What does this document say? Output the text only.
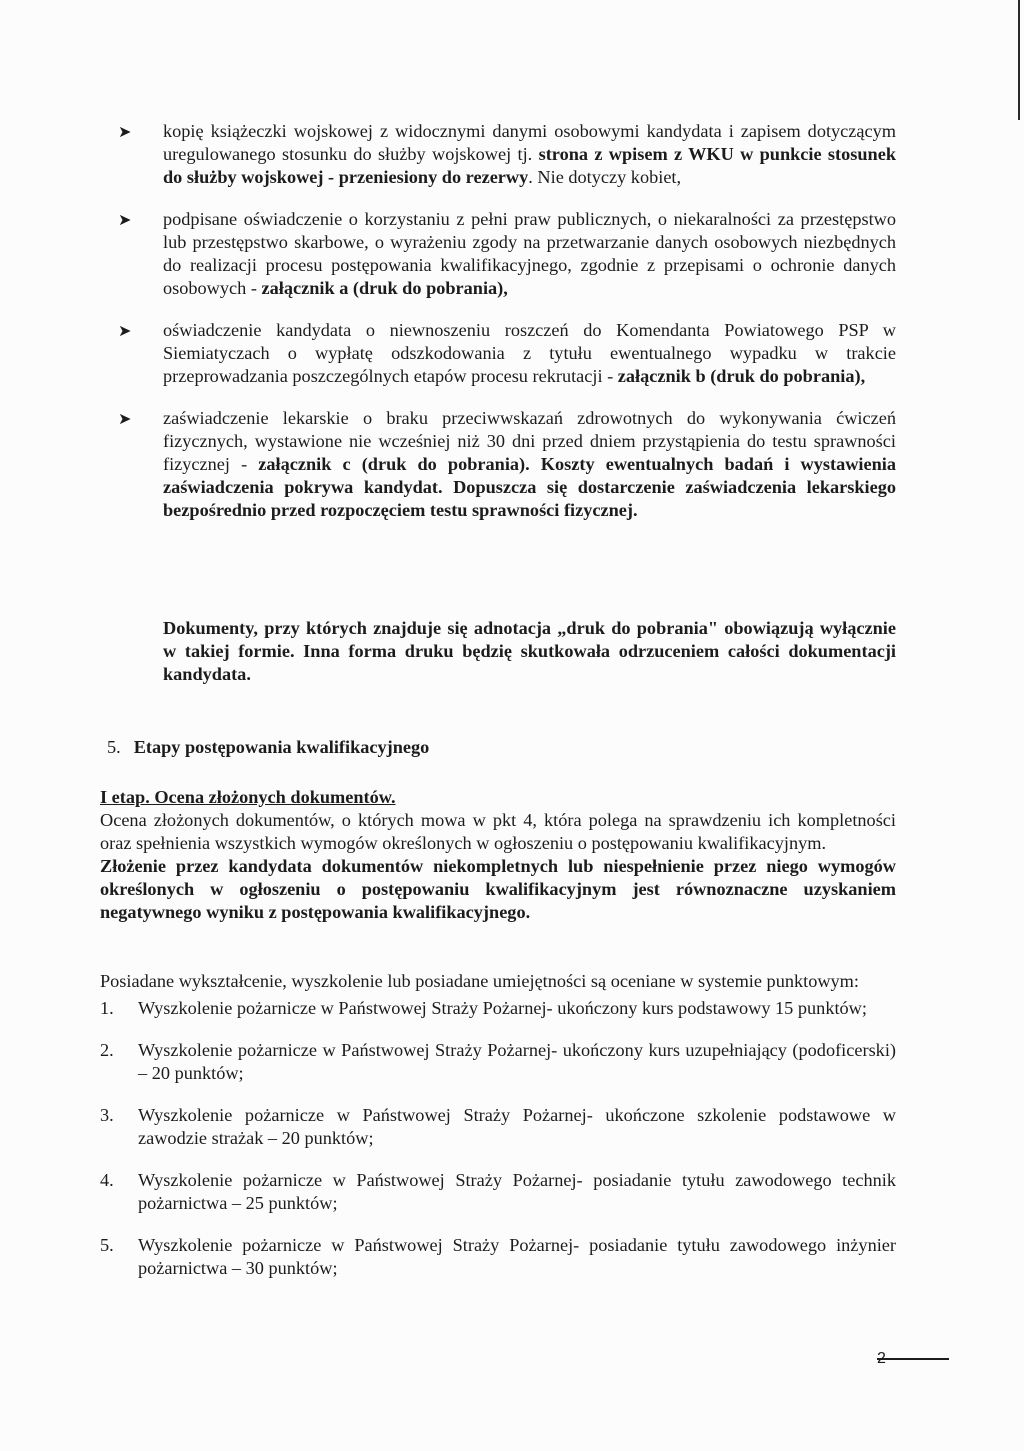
➤ kopię książeczki wojskowej z widocznymi danymi osobowymi kandydata i zapisem dotyczącym uregulowanego stosunku do służby wojskowej tj. strona z wpisem z WKU w punkcie stosunek do służby wojskowej - przeniesiony do rezerwy. Nie dotyczy kobiet,
➤ podpisane oświadczenie o korzystaniu z pełni praw publicznych, o niekaralności za przestępstwo lub przestępstwo skarbowe, o wyrażeniu zgody na przetwarzanie danych osobowych niezbędnych do realizacji procesu postępowania kwalifikacyjnego, zgodnie z przepisami o ochronie danych osobowych - załącznik a (druk do pobrania),
➤ oświadczenie kandydata o niewnoszeniu roszczeń do Komendanta Powiatowego PSP w Siemiatyczach o wypłatę odszkodowania z tytułu ewentualnego wypadku w trakcie przeprowadzania poszczególnych etapów procesu rekrutacji - załącznik b (druk do pobrania),
➤ zaświadczenie lekarskie o braku przeciwwskazań zdrowotnych do wykonywania ćwiczeń fizycznych, wystawione nie wcześniej niż 30 dni przed dniem przystąpienia do testu sprawności fizycznej - załącznik c (druk do pobrania). Koszty ewentualnych badań i wystawienia zaświadczenia pokrywa kandydat. Dopuszcza się dostarczenie zaświadczenia lekarskiego bezpośrednio przed rozpoczęciem testu sprawności fizycznej.
Dokumenty, przy których znajduje się adnotacja „druk do pobrania" obowiązują wyłącznie w takiej formie. Inna forma druku będzię skutkowała odrzuceniem całości dokumentacji kandydata.
5. Etapy postępowania kwalifikacyjnego
I etap. Ocena złożonych dokumentów.
Ocena złożonych dokumentów, o których mowa w pkt 4, która polega na sprawdzeniu ich kompletności oraz spełnienia wszystkich wymogów określonych w ogłoszeniu o postępowaniu kwalifikacyjnym.
Złożenie przez kandydata dokumentów niekompletnych lub niespełnienie przez niego wymogów określonych w ogłoszeniu o postępowaniu kwalifikacyjnym jest równoznaczne uzyskaniem negatywnego wyniku z postępowania kwalifikacyjnego.
Posiadane wykształcenie, wyszkolenie lub posiadane umiejętności są oceniane w systemie punktowym:
1. Wyszkolenie pożarnicze w Państwowej Straży Pożarnej- ukończony kurs podstawowy 15 punktów;
2. Wyszkolenie pożarnicze w Państwowej Straży Pożarnej- ukończony kurs uzupełniający (podoficerski) – 20 punktów;
3. Wyszkolenie pożarnicze w Państwowej Straży Pożarnej- ukończone szkolenie podstawowe w zawodzie strażak – 20 punktów;
4. Wyszkolenie pożarnicze w Państwowej Straży Pożarnej- posiadanie tytułu zawodowego technik pożarnictwa – 25 punktów;
5. Wyszkolenie pożarnicze w Państwowej Straży Pożarnej- posiadanie tytułu zawodowego inżynier pożarnictwa – 30 punktów;
2
